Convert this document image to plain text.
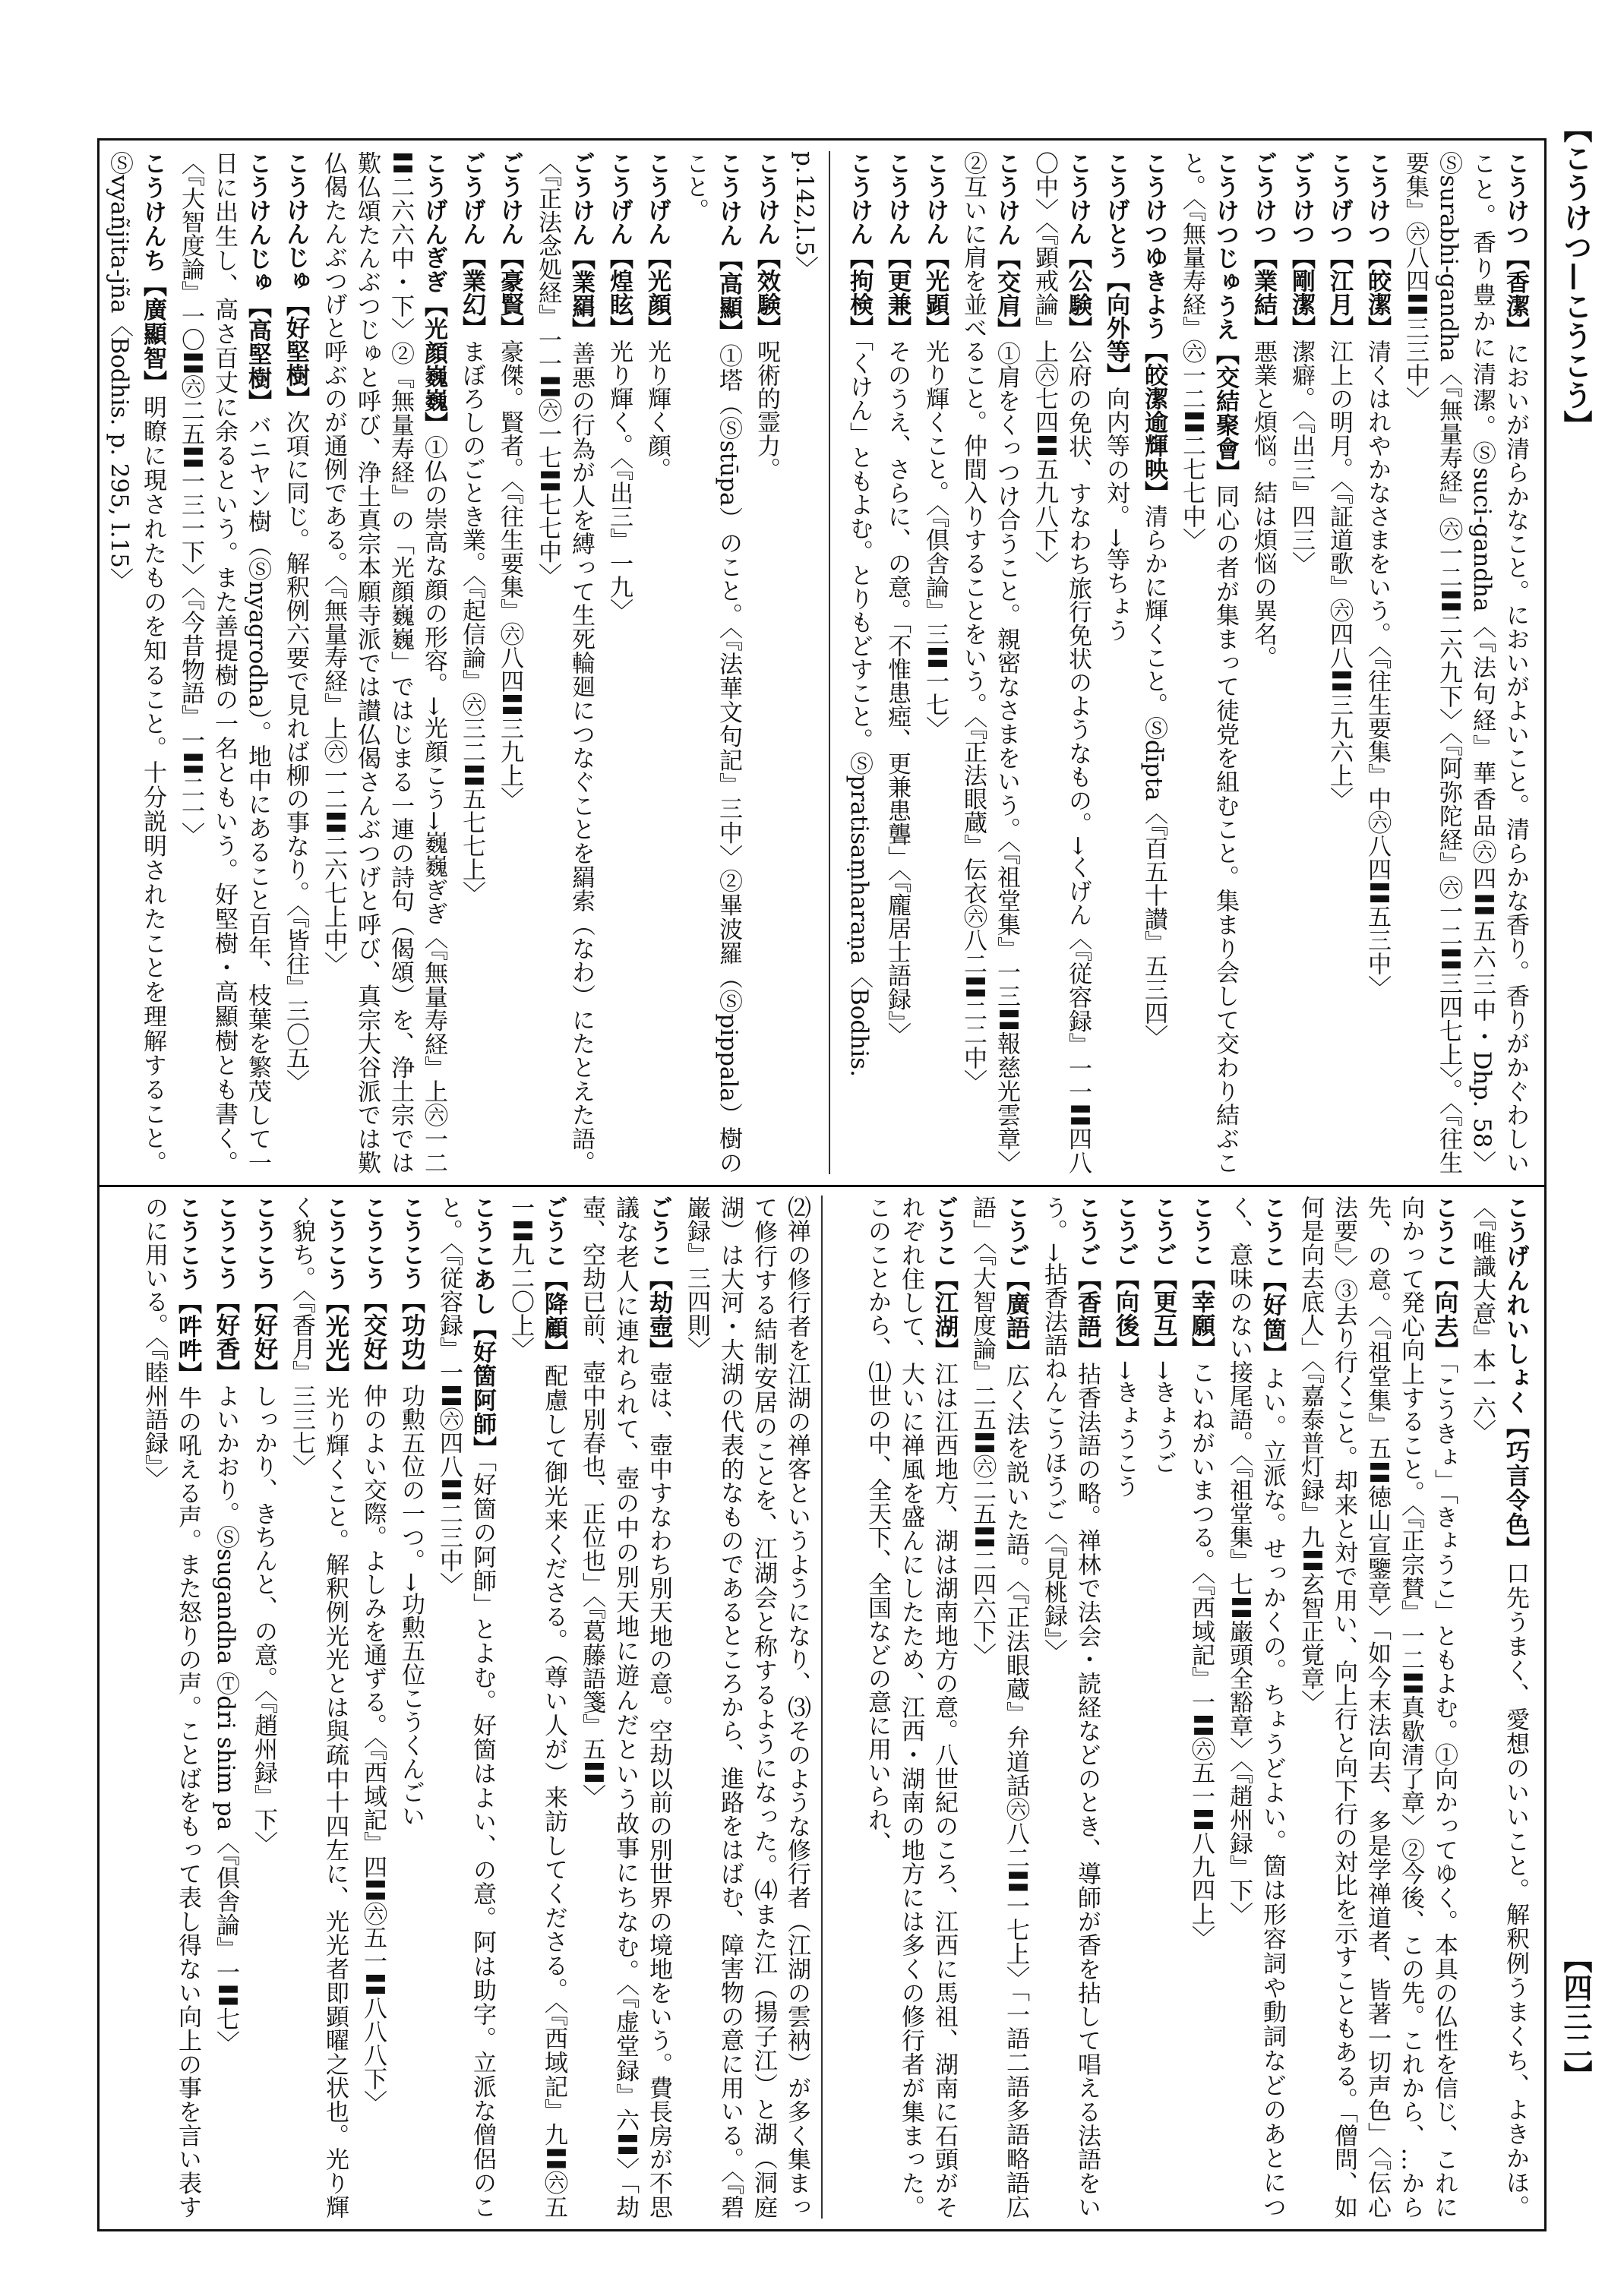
【こうけつ—こうこう】
【四三二】
こうけつ【香潔】においが清らかなこと。においがよいこと。清らかな香り。香りがかぐわしいこと。香り豊かに清潔。Ⓢsuci-gandha〈『法句経』華香品㊅四〓五六三中・Dhp. 58〉Ⓢsurabhi-gandha〈『無量寿経』㊅一二〓二六九下〉〈『阿弥陀経』㊅一二〓三四七上〉。〈『往生要集』㊅八四〓三三中〉
こうけつ【皎潔】清くはれやかなさまをいう。〈『往生要集』中㊅八四〓五三中〉
こうげつ【江月】江上の明月。〈『証道歌』㊅四八〓三九六上〉
ごうけつ【剛潔】潔癖。〈『出三』四三〉
ごうけつ【業結】悪業と煩悩。結は煩悩の異名。
こうけつじゅうえ【交結聚會】同心の者が集まって徒党を組むこと。集まり会して交わり結ぶこと。〈『無量寿経』㊅一二〓二七七中〉
こうけつゆきよう【皎潔逾輝映】清らかに輝くこと。Ⓢdīpta〈『百五十讃』五三四〉
こうげとう【向外等】向内等の対。→等ちょう
こうけん【公験】公府の免状、すなわち旅行免状のようなもの。→くげん〈『従容録』一一〓四八〇中〉〈『顕戒論』上㊅七四〓五九八下〉
こうけん【交肩】①肩をくっつけ合うこと。親密なさまをいう。〈『祖堂集』一三〓報慈光雲章〉②互いに肩を並べること。仲間入りすることをいう。〈『正法眼蔵』伝衣㊅八二〓二二中〉
こうけん【光顕】光り輝くこと。〈『倶舎論』三〓一七〉
こうけん【更兼】そのうえ、さらに、の意。「不惟患瘂、更兼患聾」〈『龐居士語録』〉
こうけん【拘検】「くけん」ともよむ。とりもどすこと。Ⓢpratisaṃharaṇa〈Bodhis.
p.142,l.5〉
こうけん【效験】呪術的霊力。
こうけん【高顯】①塔（Ⓢstūpa）のこと。〈『法華文句記』三中〉②畢波羅（Ⓢpippala）樹のこと。
こうげん【光顔】光り輝く顔。
こうげん【煌眩】光り輝く。〈『出三』一九〉
ごうけん【業羂】善悪の行為が人を縛って生死輪廻につなぐことを羂索（なわ）にたとえた語。〈『正法念処経』一一〓㊅一七〓七七中〉
ごうけん【豪賢】豪傑。賢者。〈『往生要集』㊅八四〓三九上〉
ごうげん【業幻】まぼろしのごとき業。〈『起信論』㊅三二〓五七七上〉
こうげんぎぎ【光顔巍巍】①仏の崇高な顔の形容。→光顔こう→巍巍ぎぎ〈『無量寿経』上㊅一二〓二六六中・下〉②『無量寿経』の「光顔巍巍」ではじまる一連の詩句（偈頌）を、浄土宗では歎仏頌たんぶつじゅと呼び、浄土真宗本願寺派では讃仏偈さんぶつげと呼び、真宗大谷派では歎仏偈たんぶつげと呼ぶのが通例である。〈『無量寿経』上㊅一二〓二六七上中〉
こうけんじゅ【好堅樹】次項に同じ。解釈例六要で見れば柳の事なり。〈『皆往』三〇五〉
こうけんじゅ【高堅樹】バニヤン樹（Ⓢnyagrodha）。地中にあること百年、枝葉を繁茂して一日に出生し、高さ百丈に余るという。また善提樹の一名ともいう。好堅樹・高顯樹とも書く。〈『大智度論』一〇〓㊅二五〓一三一下〉〈『今昔物語』一〓二一〉
こうけんち【廣顯智】明瞭に現されたものを知ること。十分説明されたことを理解すること。Ⓢvyañjita-jña〈Bodhis. p. 295, l.15〉
こうげんれいしょく【巧言令色】口先うまく、愛想のいいこと。解釈例うまくち、よきかほ。〈『唯識大意』本一六〉
こうこ【向去】「こうきょ」「きょうこ」ともよむ。①向かってゆく。本具の仏性を信じ、これに向かって発心向上すること。〈『正宗賛』一二〓真歇清了章〉②今後、この先。これから、…から先、の意。〈『祖堂集』五〓徳山宣鑒章〉「如今末法向去、多是学禅道者、皆著一切声色」〈『伝心法要』〉③去り行くこと。却来と対で用い、向上行と向下行の対比を示すこともある。「僧問、如何是向去底人」〈『嘉泰普灯録』九〓玄智正覚章〉
こうこ【好箇】よい。立派な。せっかくの。ちょうどよい。箇は形容詞や動詞などのあとにつく、意味のない接尾語。〈『祖堂集』七〓巌頭全豁章〉〈『趙州録』下〉
こうこ【幸願】こいねがいまつる。〈『西域記』一〓㊅五一〓八九四上〉
こうご【更互】→きょうご
こうご【向後】→きょうこう
こうご【香語】拈香法語の略。禅林で法会・読経などのとき、導師が香を拈して唱える法語をいう。→拈香法語ねんこうほうご〈『見桃録』〉
こうご【廣語】広く法を説いた語。〈『正法眼蔵』弁道話㊅八二〓一七上〉「一語二語多語略語広語」〈『大智度論』二五〓㊅二五〓二四六下〉
ごうこ【江湖】江は江西地方、湖は湖南地方の意。八世紀のころ、江西に馬祖、湖南に石頭がそれぞれ住して、大いに禅風を盛んにしたため、江西・湖南の地方には多くの修行者が集まった。このことから、⑴世の中、全天下、全国などの意に用いられ、
⑵禅の修行者を江湖の禅客というようになり、⑶そのような修行者（江湖の雲衲）が多く集まって修行する結制安居のことを、江湖会と称するようになった。⑷また江（揚子江）と湖（洞庭湖）は大河・大湖の代表的なものであるところから、進路をはばむ、障害物の意に用いる。〈『碧巌録』三四則〉
ごうこ【劫壺】壺は、壺中すなわち別天地の意。空劫以前の別世界の境地をいう。費長房が不思議な老人に連れられて、壺の中の別天地に遊んだという故事にちなむ。〈『虚堂録』六〓〉「劫壺、空劫已前、壺中別春也、正位也」〈『葛藤語箋』五〓〉
ごうこ【降顧】配慮して御光来くださる。（尊い人が）来訪してくださる。〈『西域記』九〓㊅五一〓九二〇上〉
こうこあし【好箇阿師】「好箇の阿師」とよむ。好箇はよい、の意。阿は助字。立派な僧侶のこと。〈『従容録』一〓㊅四八〓二三中〉
こうこう【功功】功勲五位の一つ。→功勲五位こうくんごい
こうこう【交好】仲のよい交際。よしみを通ずる。〈『西域記』四〓㊅五一〓八八八下〉
こうこう【光光】光り輝くこと。解釈例光光とは與疏中十四左に、光光者即顕曜之状也。光り輝く貌ち。〈『香月』三三七〉
こうこう【好好】しっかり、きちんと、の意。〈『趙州録』下〉
こうこう【好香】よいかおり。Ⓢsugandha Ⓣdri shim pa〈『倶舎論』一〓七〉
こうこう【吽吽】牛の吼える声。また怒りの声。ことばをもって表し得ない向上の事を言い表すのに用いる。〈『睦州語録』〉
